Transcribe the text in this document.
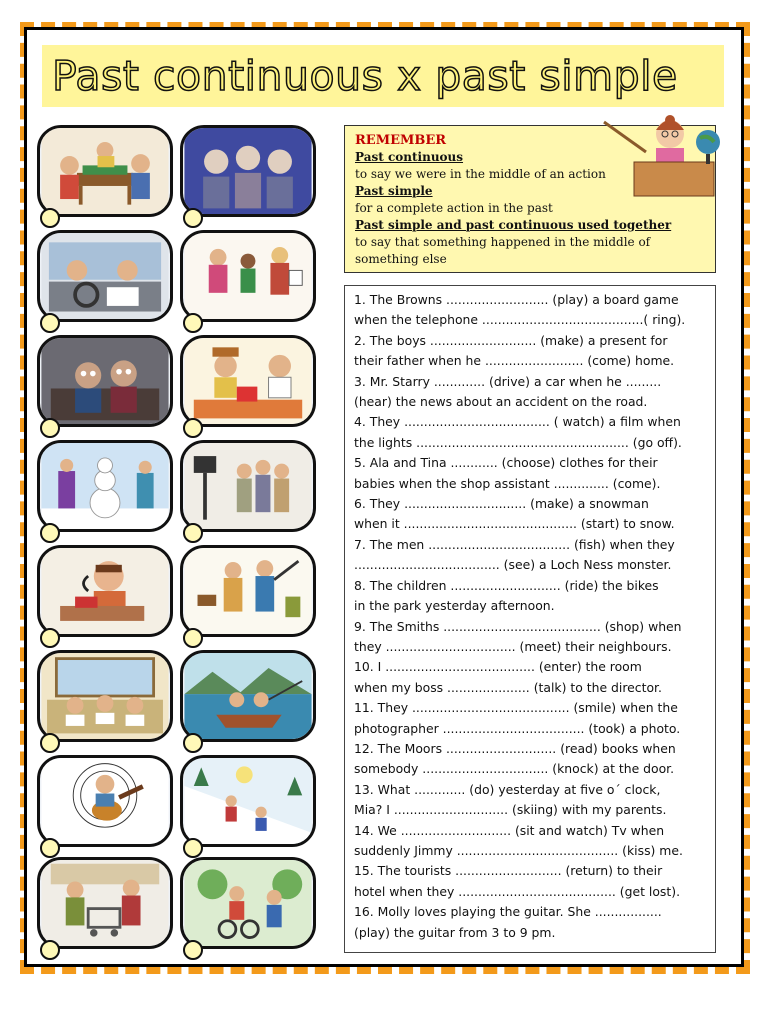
Past continuous x past simple
REMEMBER
Past continuous
to say we were in the middle of an action
Past simple
for a complete action in the past
Past simple and past continuous used together
to say that something happened in the middle of
something else
1. The Browns .......................... (play) a board game
when the telephone .........................................( ring).
2. The boys ........................... (make) a present for
their father when he ......................... (come) home.
3. Mr. Starry ............. (drive) a car when he .........
(hear) the news about an accident on the road.
4. They ..................................... ( watch) a film when
the lights ...................................................... (go off).
5. Ala and Tina ............ (choose) clothes for their
babies when the shop assistant .............. (come).
6. They ............................... (make) a snowman
when it ............................................ (start) to snow.
7. The men .................................... (fish) when they
..................................... (see) a Loch Ness monster.
8. The children ............................ (ride) the bikes
in the park yesterday afternoon.
9. The Smiths ........................................ (shop) when
they ................................. (meet) their neighbours.
10. I ...................................... (enter) the room
when my boss ..................... (talk) to the director.
11. They ........................................ (smile) when the
photographer .................................... (took) a photo.
12. The Moors ............................ (read) books when
somebody ................................ (knock) at the door.
13. What ............. (do) yesterday at five o´ clock,
Mia? I ............................. (skiing) with my parents.
14. We ............................ (sit and watch) Tv when
suddenly Jimmy ......................................... (kiss) me.
15. The tourists ........................... (return) to their
hotel when they ........................................ (get lost).
16. Molly loves playing the guitar. She .................
(play) the guitar from 3 to 9 pm.
